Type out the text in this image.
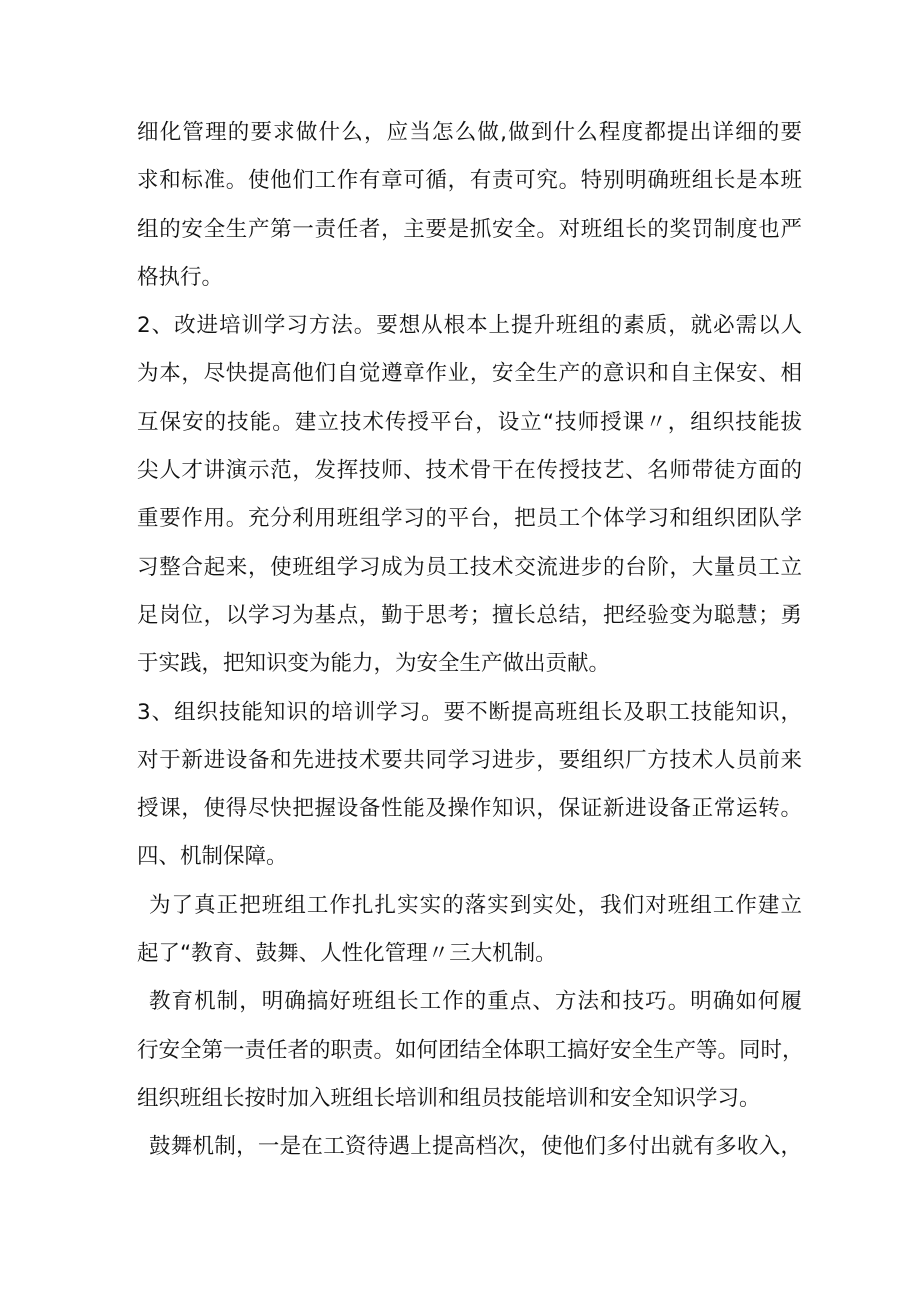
细化管理的要求做什么，应当怎么做,做到什么程度都提出详细的要
求和标准。使他们工作有章可循，有责可究。特别明确班组长是本班
组的安全生产第一责任者，主要是抓安全。对班组长的奖罚制度也严
格执行。
2、改进培训学习方法。要想从根本上提升班组的素质，就必需以人
为本，尽快提高他们自觉遵章作业，安全生产的意识和自主保安、相
互保安的技能。建立技术传授平台，设立“技师授课〃，组织技能拔
尖人才讲演示范，发挥技师、技术骨干在传授技艺、名师带徒方面的
重要作用。充分利用班组学习的平台，把员工个体学习和组织团队学
习整合起来，使班组学习成为员工技术交流进步的台阶，大量员工立
足岗位，以学习为基点，勤于思考；擅长总结，把经验变为聪慧；勇
于实践，把知识变为能力，为安全生产做出贡献。
3、组织技能知识的培训学习。要不断提高班组长及职工技能知识，
对于新进设备和先进技术要共同学习进步，要组织厂方技术人员前来
授课，使得尽快把握设备性能及操作知识，保证新进设备正常运转。
四、机制保障。
为了真正把班组工作扎扎实实的落实到实处，我们对班组工作建立
起了“教育、鼓舞、人性化管理〃三大机制。
教育机制，明确搞好班组长工作的重点、方法和技巧。明确如何履
行安全第一责任者的职责。如何团结全体职工搞好安全生产等。同时，
组织班组长按时加入班组长培训和组员技能培训和安全知识学习。
鼓舞机制，一是在工资待遇上提高档次，使他们多付出就有多收入，
